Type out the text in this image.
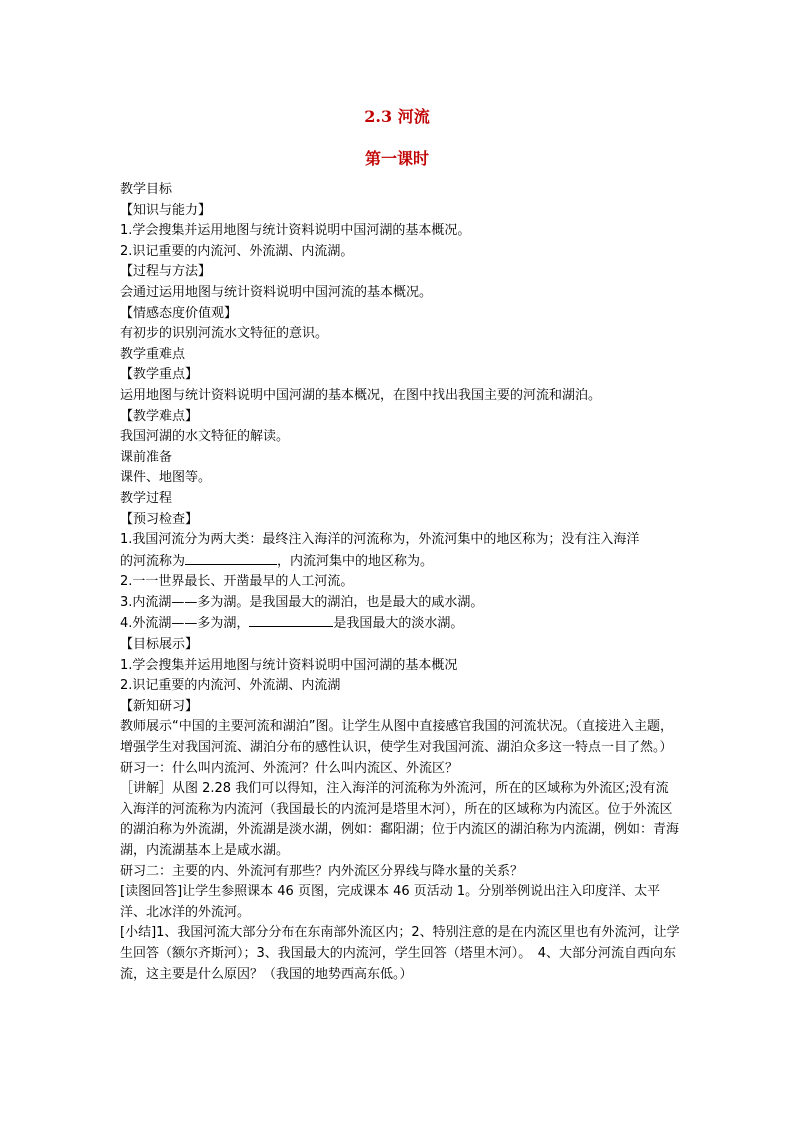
2.3 河流
第一课时

教学目标

【知识与能力】

1.学会搜集并运用地图与统计资料说明中国河湖的基本概况。

2.识记重要的内流河、外流湖、内流湖。

【过程与方法】

会通过运用地图与统计资料说明中国河流的基本概况。

【情感态度价值观】

有初步的识别河流水文特征的意识。

教学重难点

【教学重点】

运用地图与统计资料说明中国河湖的基本概况，在图中找出我国主要的河流和湖泊。

【教学难点】

我国河湖的水文特征的解读。

课前准备

课件、地图等。

教学过程

【预习检查】

1.我国河流分为两大类：最终注入海洋的河流称为，外流河集中的地区称为；没有注入海洋
的河流称为	，内流河集中的地区称为。

2.一一世界最长、开凿最早的人工河流。

3.内流湖——多为湖。是我国最大的湖泊，也是最大的咸水湖。

4.外流湖——多为湖，	是我国最大的淡水湖。

【目标展示】

1.学会搜集并运用地图与统计资料说明中国河湖的基本概况

2.识记重要的内流河、外流湖、内流湖

【新知研习】

教师展示“中国的主要河流和湖泊”图。让学生从图中直接感官我国的河流状况。（直接进入主题，增强学生对我国河流、湖泊分布的感性认识，使学生对我国河流、湖泊众多这一特点一目了然。）

研习一：什么叫内流河、外流河？什么叫内流区、外流区？

［讲解］从图 2.28 我们可以得知，注入海洋的河流称为外流河，所在的区域称为外流区;没有流入海洋的河流称为内流河（我国最长的内流河是塔里木河），所在的区域称为内流区。位于外流区的湖泊称为外流湖，外流湖是淡水湖，例如：鄱阳湖；位于内流区的湖泊称为内流湖，例如：青海湖，内流湖基本上是咸水湖。

研习二：主要的内、外流河有那些？内外流区分界线与降水量的关系？

[读图回答]让学生参照课本 46 页图，完成课本 46 页活动 1。分别举例说出注入印度洋、太平洋、北冰洋的外流河。

[小结]1、我国河流大部分分布在东南部外流区内；2、特别注意的是在内流区里也有外流河，让学生回答（额尔齐斯河）；3、我国最大的内流河，学生回答（塔里木河）。　4、大部分河流自西向东流，这主要是什么原因？（我国的地势西高东低。）
